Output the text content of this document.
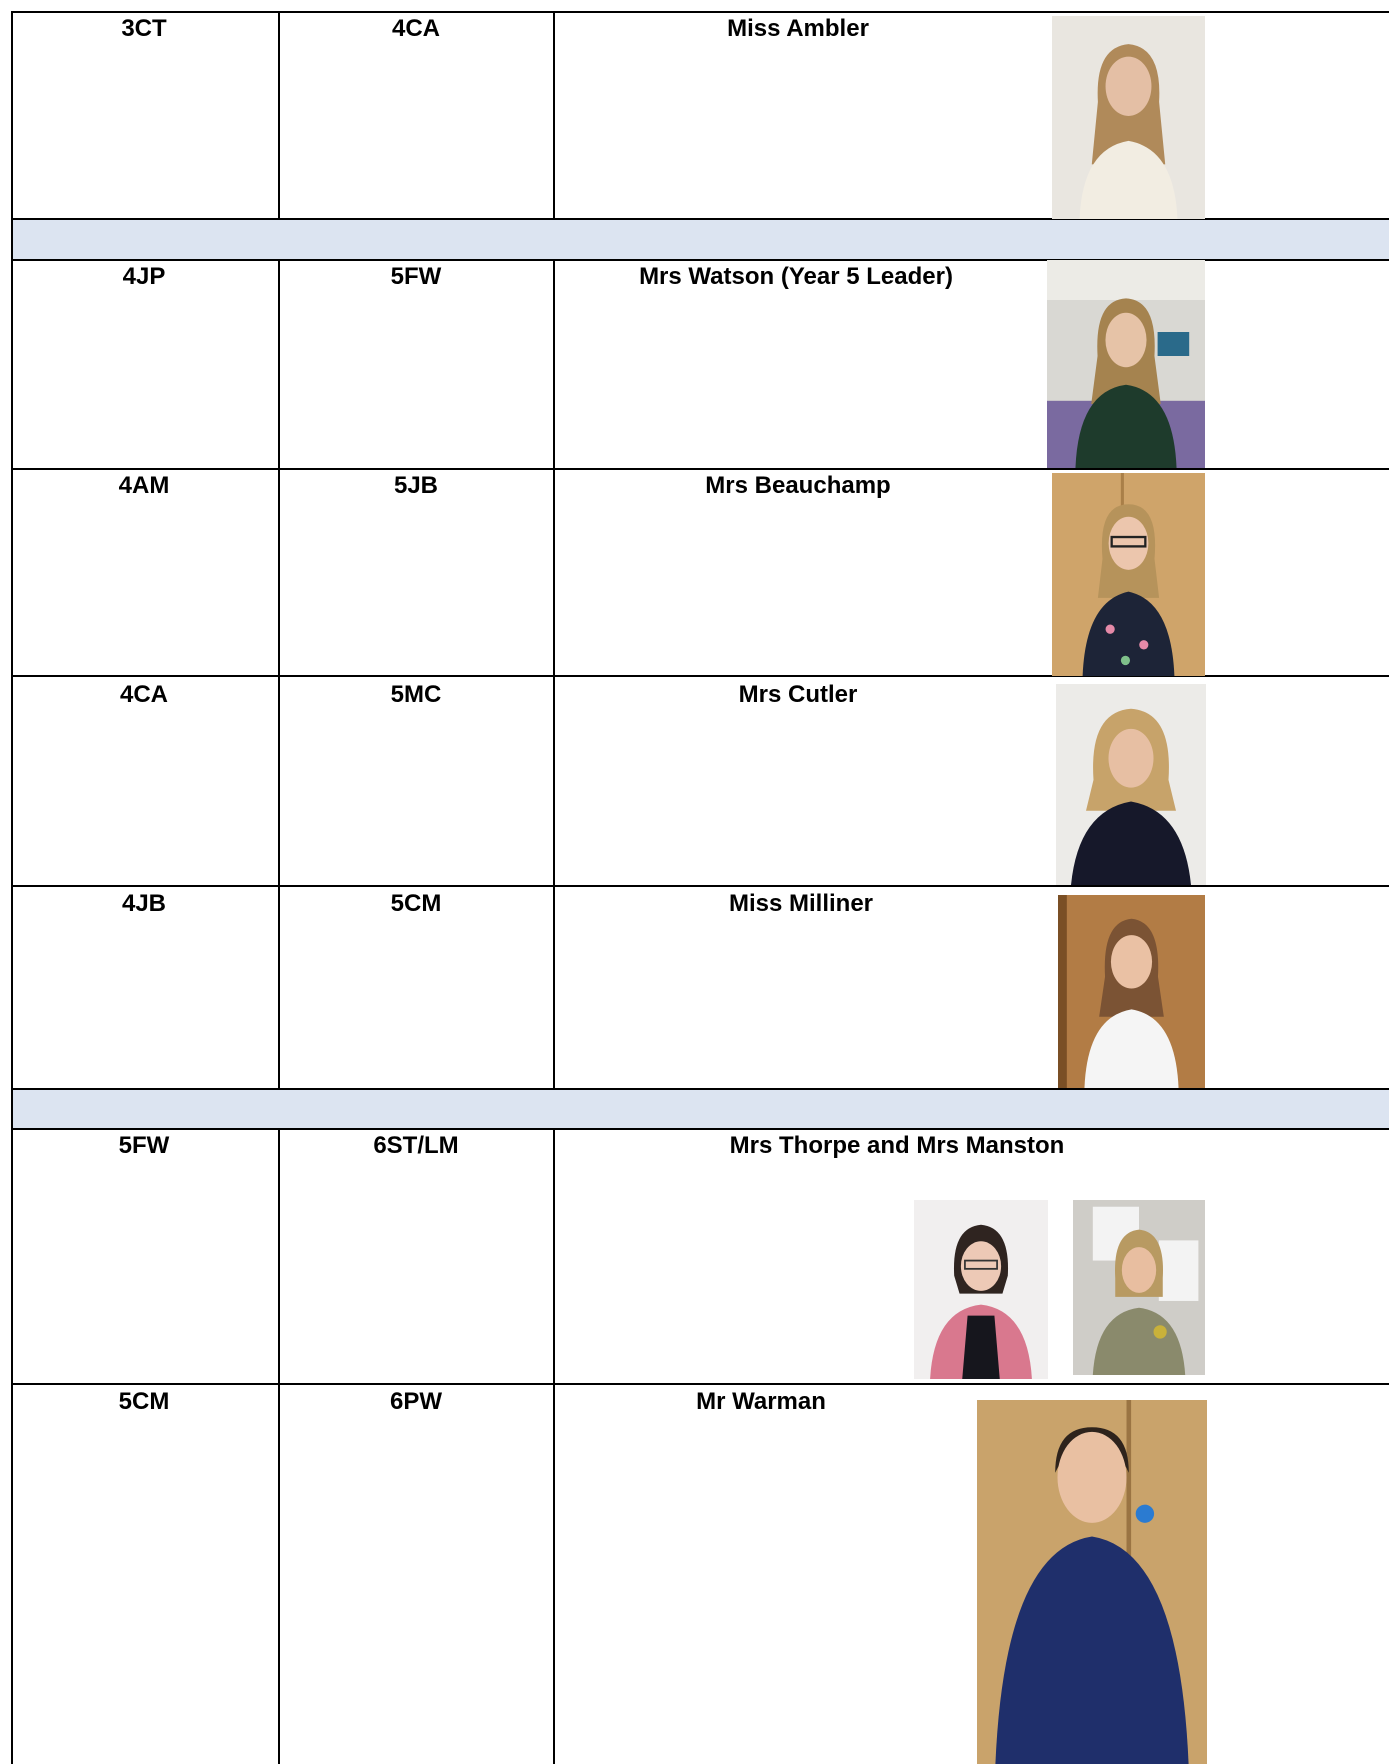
3CT	4CA	Miss Ambler
4JP	5FW	Mrs Watson (Year 5 Leader)
4AM	5JB	Mrs Beauchamp
4CA	5MC	Mrs Cutler
4JB	5CM	Miss Milliner
5FW	6ST/LM	Mrs Thorpe and Mrs Manston
5CM	6PW	Mr Warman
